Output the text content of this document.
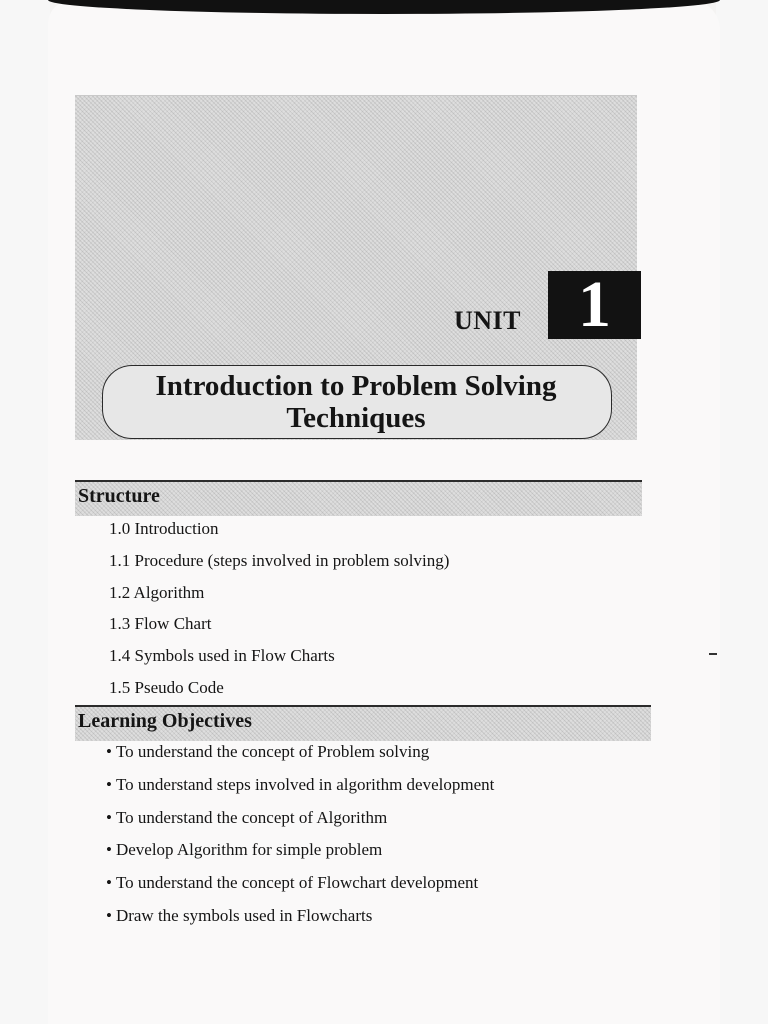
UNIT 1
Introduction to Problem Solving
Techniques
Structure
1.0 Introduction
1.1 Procedure (steps involved in problem solving)
1.2 Algorithm
1.3 Flow Chart
1.4 Symbols used in Flow Charts
1.5 Pseudo Code
Learning Objectives
• To understand the concept of Problem solving
• To understand steps involved in algorithm development
• To understand the concept of Algorithm
• Develop Algorithm for simple problem
• To understand the concept of Flowchart development
• Draw the symbols used in Flowcharts
